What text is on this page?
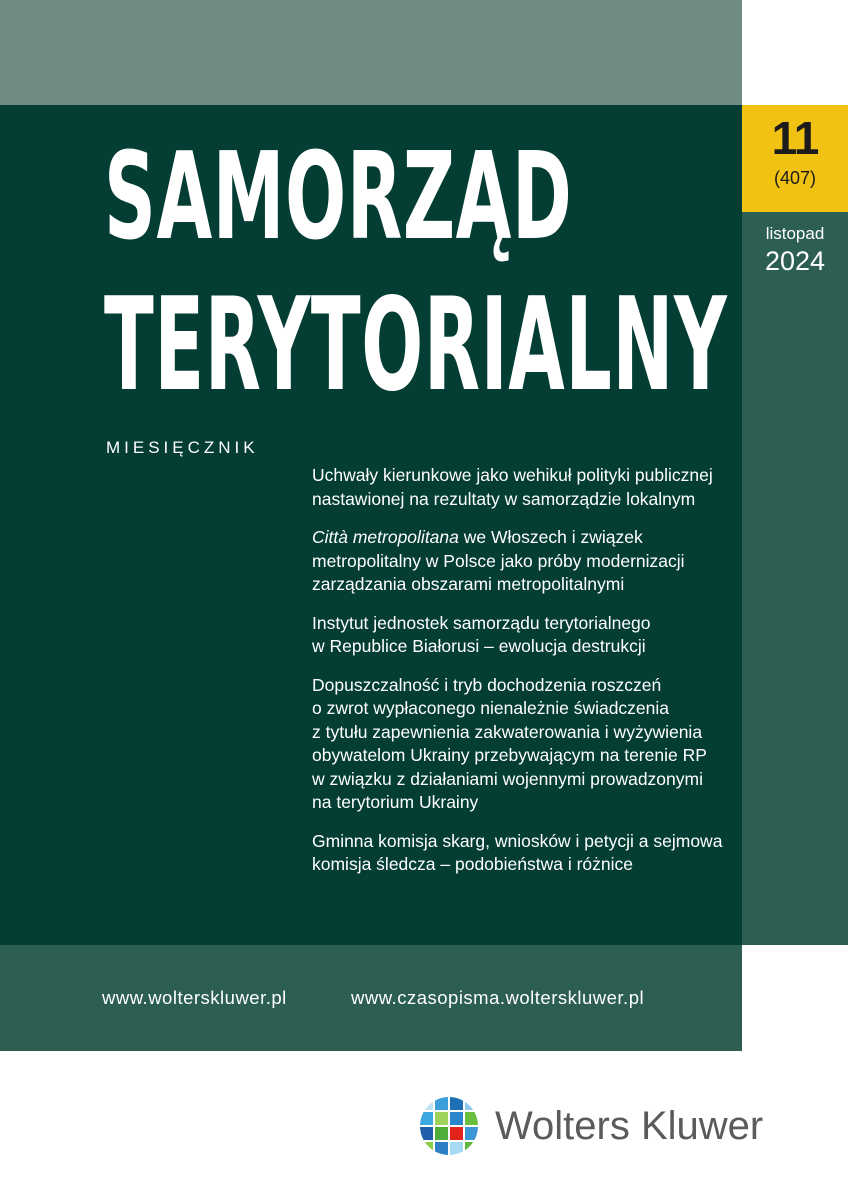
11
(407)
listopad
2024
SAMORZĄD
TERYTORIALNY
MIESIĘCZNIK

Uchwały kierunkowe jako wehikuł polityki publicznej

nastawionej na rezultaty w samorządzie lokalnym

Città metropolitana we Włoszech i związek

metropolitalny w Polsce jako próby modernizacji

zarządzania obszarami metropolitalnymi

Instytut jednostek samorządu terytorialnego

w Republice Białorusi – ewolucja destrukcji

Dopuszczalność i tryb dochodzenia roszczeń

o zwrot wypłaconego nienależnie świadczenia

z tytułu zapewnienia zakwaterowania i wyżywienia

obywatelom Ukrainy przebywającym na terenie RP

w związku z działaniami wojennymi prowadzonymi

na terytorium Ukrainy

Gminna komisja skarg, wniosków i petycji a sejmowa

komisja śledcza – podobieństwa i różnice

www.wolterskluwer.pl	www.czasopisma.wolterskluwer.pl
Wolters Kluwer
